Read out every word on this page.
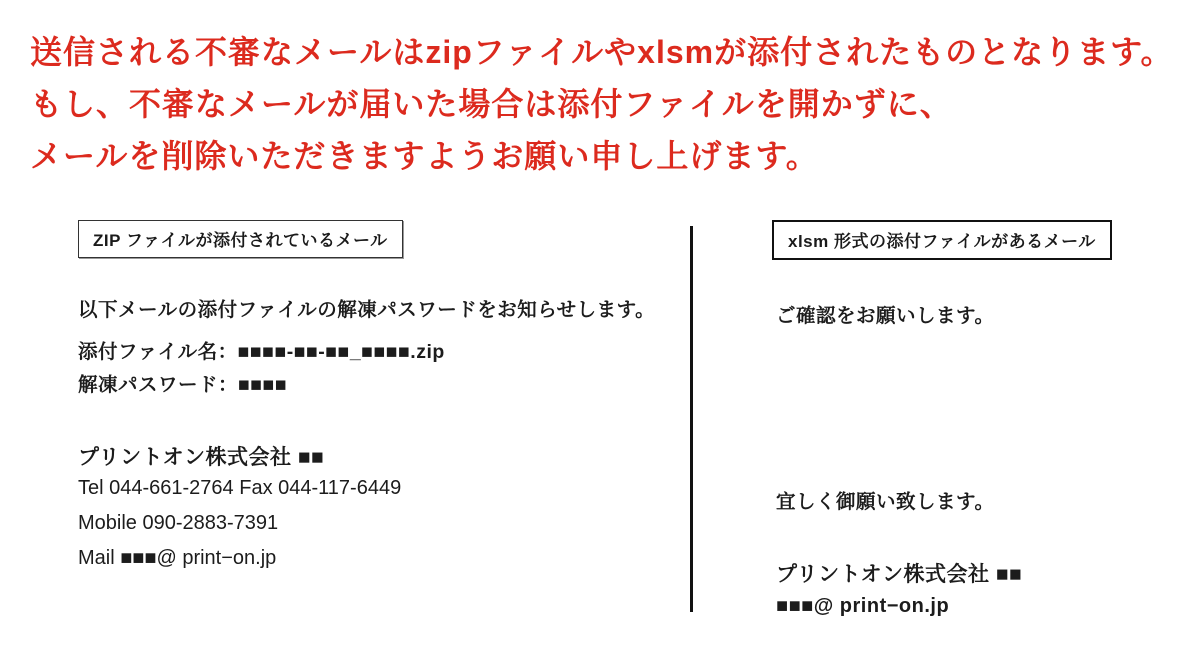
送信される不審なメールはzipファイルやxlsmが添付されたものとなります。
もし、不審なメールが届いた場合は添付ファイルを開かずに、
メールを削除いただきますようお願い申し上げます。
ZIP ファイルが添付されているメール
以下メールの添付ファイルの解凍パスワードをお知らせします。
添付ファイル名：■■■■-■■-■■_■■■■.zip
解凍パスワード：■■■■
プリントオン株式会社 ■■
Tel 044-661-2764 Fax 044-117-6449
Mobile 090-2883-7391
Mail ■■■@ print−on.jp
xlsm 形式の添付ファイルがあるメール
ご確認をお願いします。
宜しく御願い致します。
プリントオン株式会社 ■■
■■■@ print−on.jp
